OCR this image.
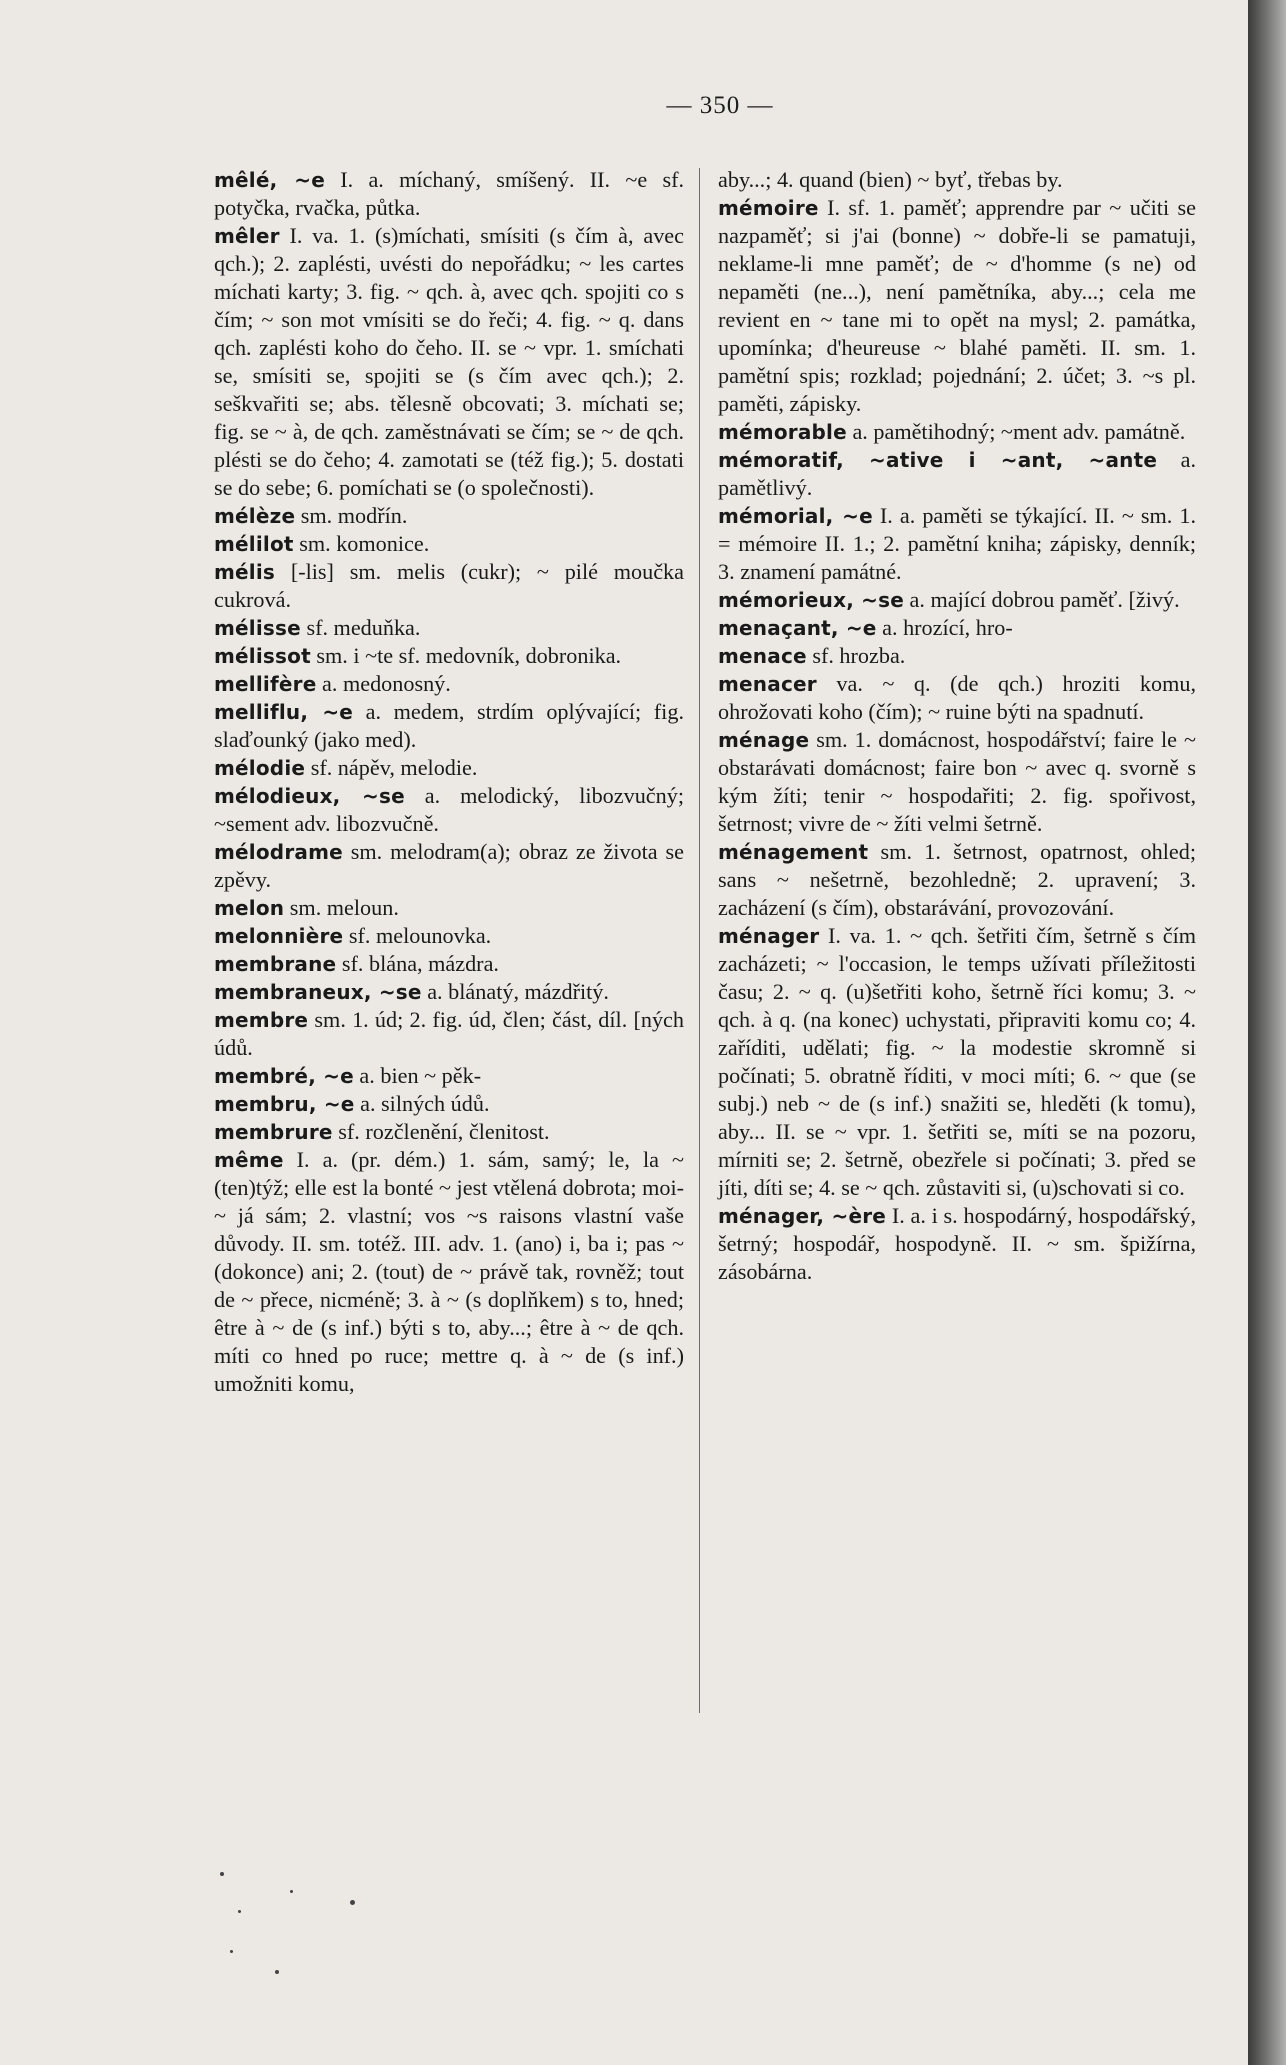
— 350 —

mêlé, ~e I. a. míchaný, smíšený. II. ~e sf. potyčka, rvačka, půtka.

mêler I. va. 1. (s)míchati, smísiti (s čím à, avec qch.); 2. zaplésti, uvésti do nepořádku; ~ les cartes míchati karty; 3. fig. ~ qch. à, avec qch. spojiti co s čím; ~ son mot vmísiti se do řeči; 4. fig. ~ q. dans qch. zaplésti koho do čeho. II. se ~ vpr. 1. smíchati se, smísiti se, spojiti se (s čím avec qch.); 2. seškvařiti se; abs. tělesně obcovati; 3. míchati se; fig. se ~ à, de qch. zaměstnávati se čím; se ~ de qch. plésti se do čeho; 4. zamotati se (též fig.); 5. dostati se do sebe; 6. pomíchati se (o společnosti).

mélèze sm. modřín.

mélilot sm. komonice.

mélis [-lis] sm. melis (cukr); ~ pilé moučka cukrová.

mélisse sf. meduňka.

mélissot sm. i ~te sf. medovník, dobronika.

mellifère a. medonosný.

melliflu, ~e a. medem, strdím oplývající; fig. slaďounký (jako med).

mélodie sf. nápěv, melodie.

mélodieux, ~se a. melodický, libozvučný; ~sement adv. libozvučně.

mélodrame sm. melodram(a); obraz ze života se zpěvy.

melon sm. meloun.

melonnière sf. melounovka.

membrane sf. blána, mázdra.

membraneux, ~se a. blánatý, mázdřitý.

membre sm. 1. úd; 2. fig. úd, člen; část, díl. [ných údů.

membré, ~e a. bien ~ pěk-

membru, ~e a. silných údů.

membrure sf. rozčlenění, členitost.

même I. a. (pr. dém.) 1. sám, samý; le, la ~ (ten)týž; elle est la bonté ~ jest vtělená dobrota; moi-~ já sám; 2. vlastní; vos ~s raisons vlastní vaše důvody. II. sm. totéž. III. adv. 1. (ano) i, ba i; pas ~ (dokonce) ani; 2. (tout) de ~ právě tak, rovněž; tout de ~ přece, nicméně; 3. à ~ (s doplňkem) s to, hned; être à ~ de (s inf.) býti s to, aby...; être à ~ de qch. míti co hned po ruce; mettre q. à ~ de (s inf.) umožniti komu,

aby...; 4. quand (bien) ~ byť, třebas by.

mémoire I. sf. 1. paměť; apprendre par ~ učiti se nazpaměť; si j'ai (bonne) ~ dobře-li se pamatuji, neklame-li mne paměť; de ~ d'homme (s ne) od nepaměti (ne...), není pamětníka, aby...; cela me revient en ~ tane mi to opět na mysl; 2. památka, upomínka; d'heureuse ~ blahé paměti. II. sm. 1. pamětní spis; rozklad; pojednání; 2. účet; 3. ~s pl. paměti, zápisky.

mémorable a. pamětihodný; ~ment adv. památně.

mémoratif, ~ative i ~ant, ~ante a. pamětlivý.

mémorial, ~e I. a. paměti se týkající. II. ~ sm. 1. = mémoire II. 1.; 2. pamětní kniha; zápisky, denník; 3. znamení památné.

mémorieux, ~se a. mající dobrou paměť. [živý.

menaçant, ~e a. hrozící, hro-

menace sf. hrozba.

menacer va. ~ q. (de qch.) hroziti komu, ohrožovati koho (čím); ~ ruine býti na spadnutí.

ménage sm. 1. domácnost, hospodářství; faire le ~ obstarávati domácnost; faire bon ~ avec q. svorně s kým žíti; tenir ~ hospodařiti; 2. fig. spořivost, šetrnost; vivre de ~ žíti velmi šetrně.

ménagement sm. 1. šetrnost, opatrnost, ohled; sans ~ nešetrně, bezohledně; 2. upravení; 3. zacházení (s čím), obstarávání, provozování.

ménager I. va. 1. ~ qch. šetřiti čím, šetrně s čím zacházeti; ~ l'occasion, le temps užívati příležitosti času; 2. ~ q. (u)šetřiti koho, šetrně říci komu; 3. ~ qch. à q. (na konec) uchystati, připraviti komu co; 4. zaříditi, udělati; fig. ~ la modestie skromně si počínati; 5. obratně říditi, v moci míti; 6. ~ que (se subj.) neb ~ de (s inf.) snažiti se, hleděti (k tomu), aby... II. se ~ vpr. 1. šetřiti se, míti se na pozoru, mírniti se; 2. šetrně, obezřele si počínati; 3. před se jíti, díti se; 4. se ~ qch. zůstaviti si, (u)schovati si co.

ménager, ~ère I. a. i s. hospodárný, hospodářský, šetrný; hospodář, hospodyně. II. ~ sm. špižírna, zásobárna.
